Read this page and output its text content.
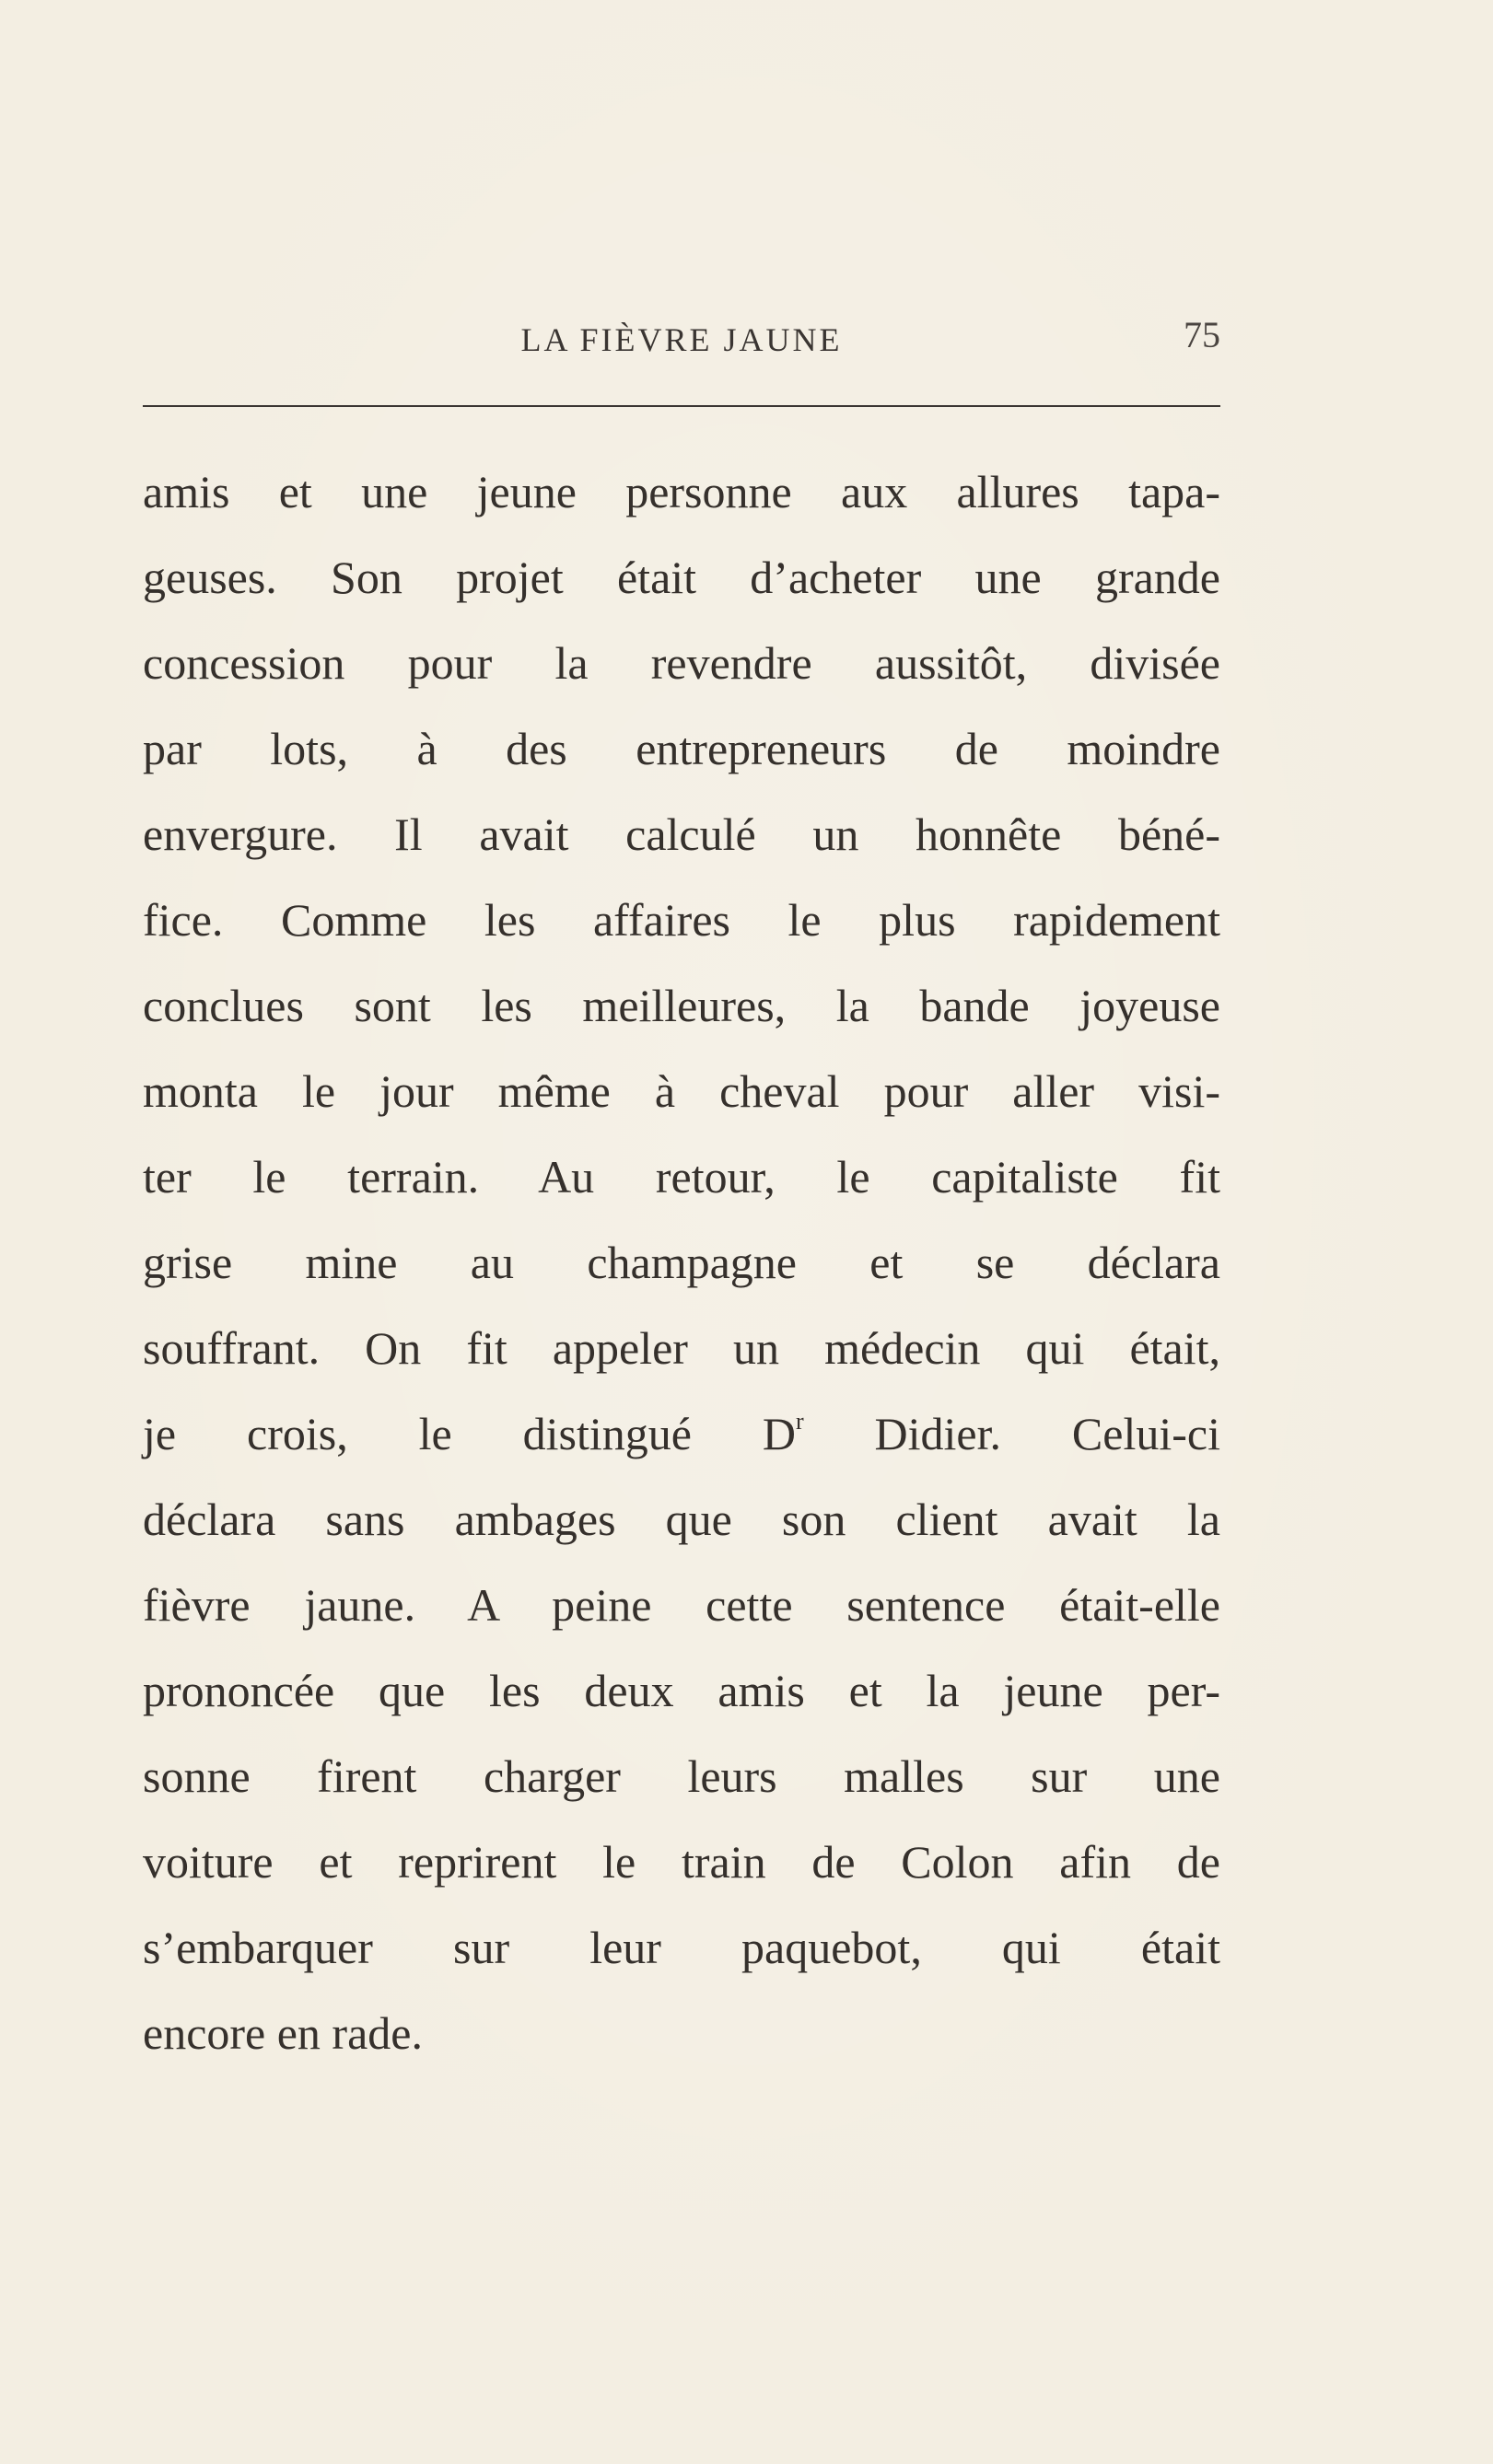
LA FIÈVRE JAUNE	75
amis et une jeune personne aux allures tapa-
geuses. Son projet était d’acheter une grande
concession pour la revendre aussitôt, divisée
par lots, à des entrepreneurs de moindre
envergure. Il avait calculé un honnête béné-
fice. Comme les affaires le plus rapidement
conclues sont les meilleures, la bande joyeuse
monta le jour même à cheval pour aller visi-
ter le terrain. Au retour, le capitaliste fit
grise mine au champagne et se déclara
souffrant. On fit appeler un médecin qui était,
je crois, le distingué $D^r$ Didier. Celui-ci
déclara sans ambages que son client avait la
fièvre jaune. A peine cette sentence était-elle
prononcée que les deux amis et la jeune per-
sonne firent charger leurs malles sur une
voiture et reprirent le train de Colon afin de
s’embarquer sur leur paquebot, qui était
encore en rade.
